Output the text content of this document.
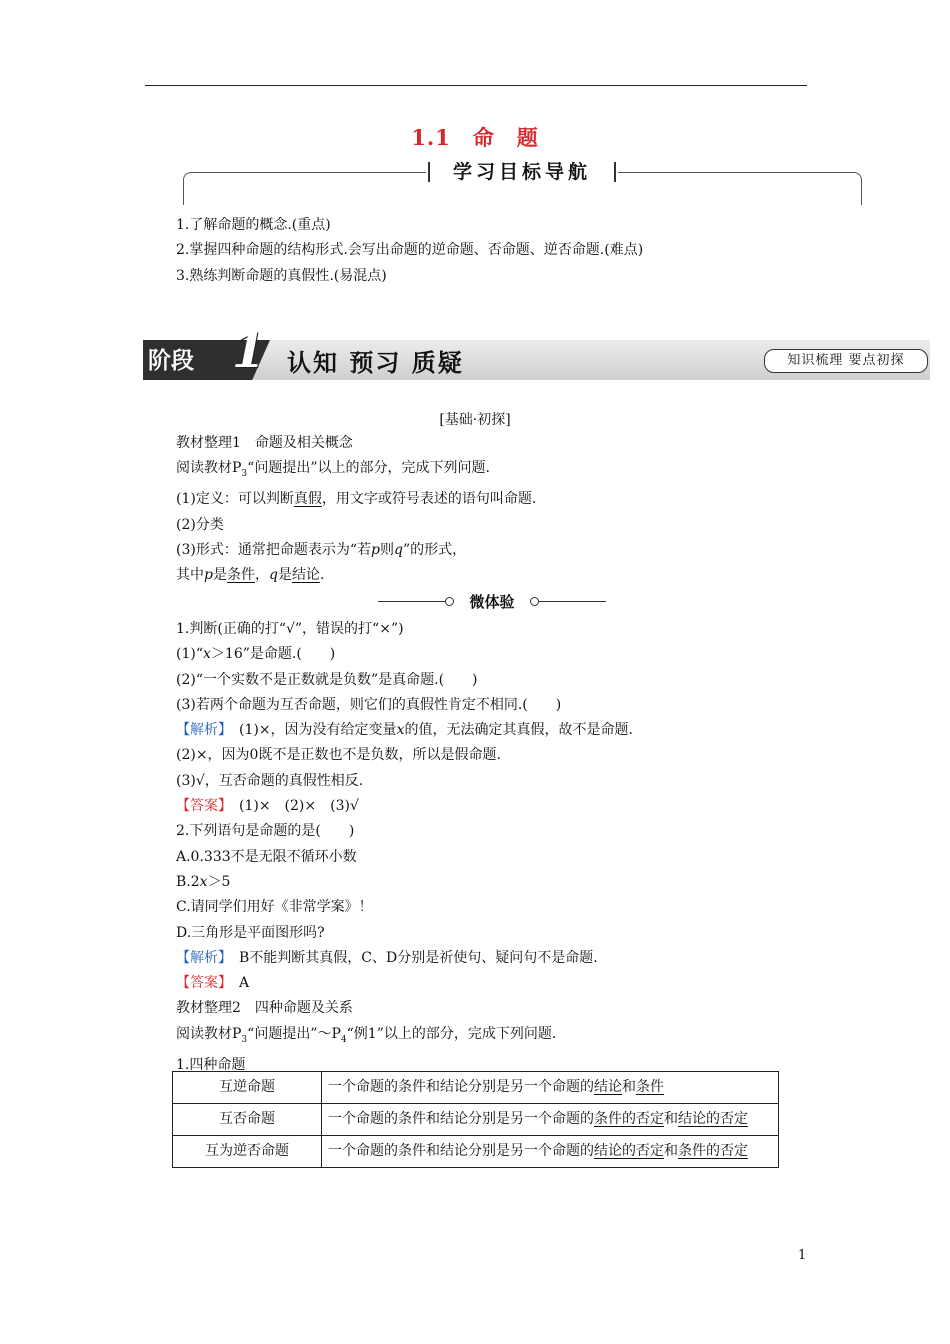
1.1　命　题
学习目标导航
1.了解命题的概念.(重点)
2.掌握四种命题的结构形式.会写出命题的逆命题、否命题、逆否命题.(难点)
3.熟练判断命题的真假性.(易混点)
阶段 1 认知 预习 质疑	知识梳理 要点初探
[基础·初探]
教材整理1　命题及相关概念
阅读教材$P_3“$问题提出”以上的部分，完成下列问题.
(1)定义：可以判断真假，用文字或符号表述的语句叫命题.
(2)分类
(3)形式：通常把命题表示为“若p则q”的形式，
其中p是条件，q是结论.
微体验
1.判断(正确的打“√”，错误的打“×”)
(1)“x＞16”是命题.(　　)
(2)“一个实数不是正数就是负数”是真命题.(　　)
(3)若两个命题为互否命题，则它们的真假性肯定不相同.(　　)
【解析】　(1)×，因为没有给定变量x的值，无法确定其真假，故不是命题.
(2)×，因为0既不是正数也不是负数，所以是假命题.
(3)√，互否命题的真假性相反.
【答案】　(1)×　(2)×　(3)√
2.下列语句是命题的是(　　)
A.0.333不是无限不循环小数
B.2x＞5
C.请同学们用好《非常学案》！
D.三角形是平面图形吗?
【解析】　B不能判断其真假，C、D分别是祈使句、疑问句不是命题.
【答案】　A
教材整理2　四种命题及关系
阅读教材$P_3“$问题提出$”\sim P_4“$例1”以上的部分，完成下列问题.
1.四种命题
互逆命题	一个命题的条件和结论分别是另一个命题的结论和条件
互否命题	一个命题的条件和结论分别是另一个命题的条件的否定和结论的否定
互为逆否命题	一个命题的条件和结论分别是另一个命题的结论的否定和条件的否定
1
